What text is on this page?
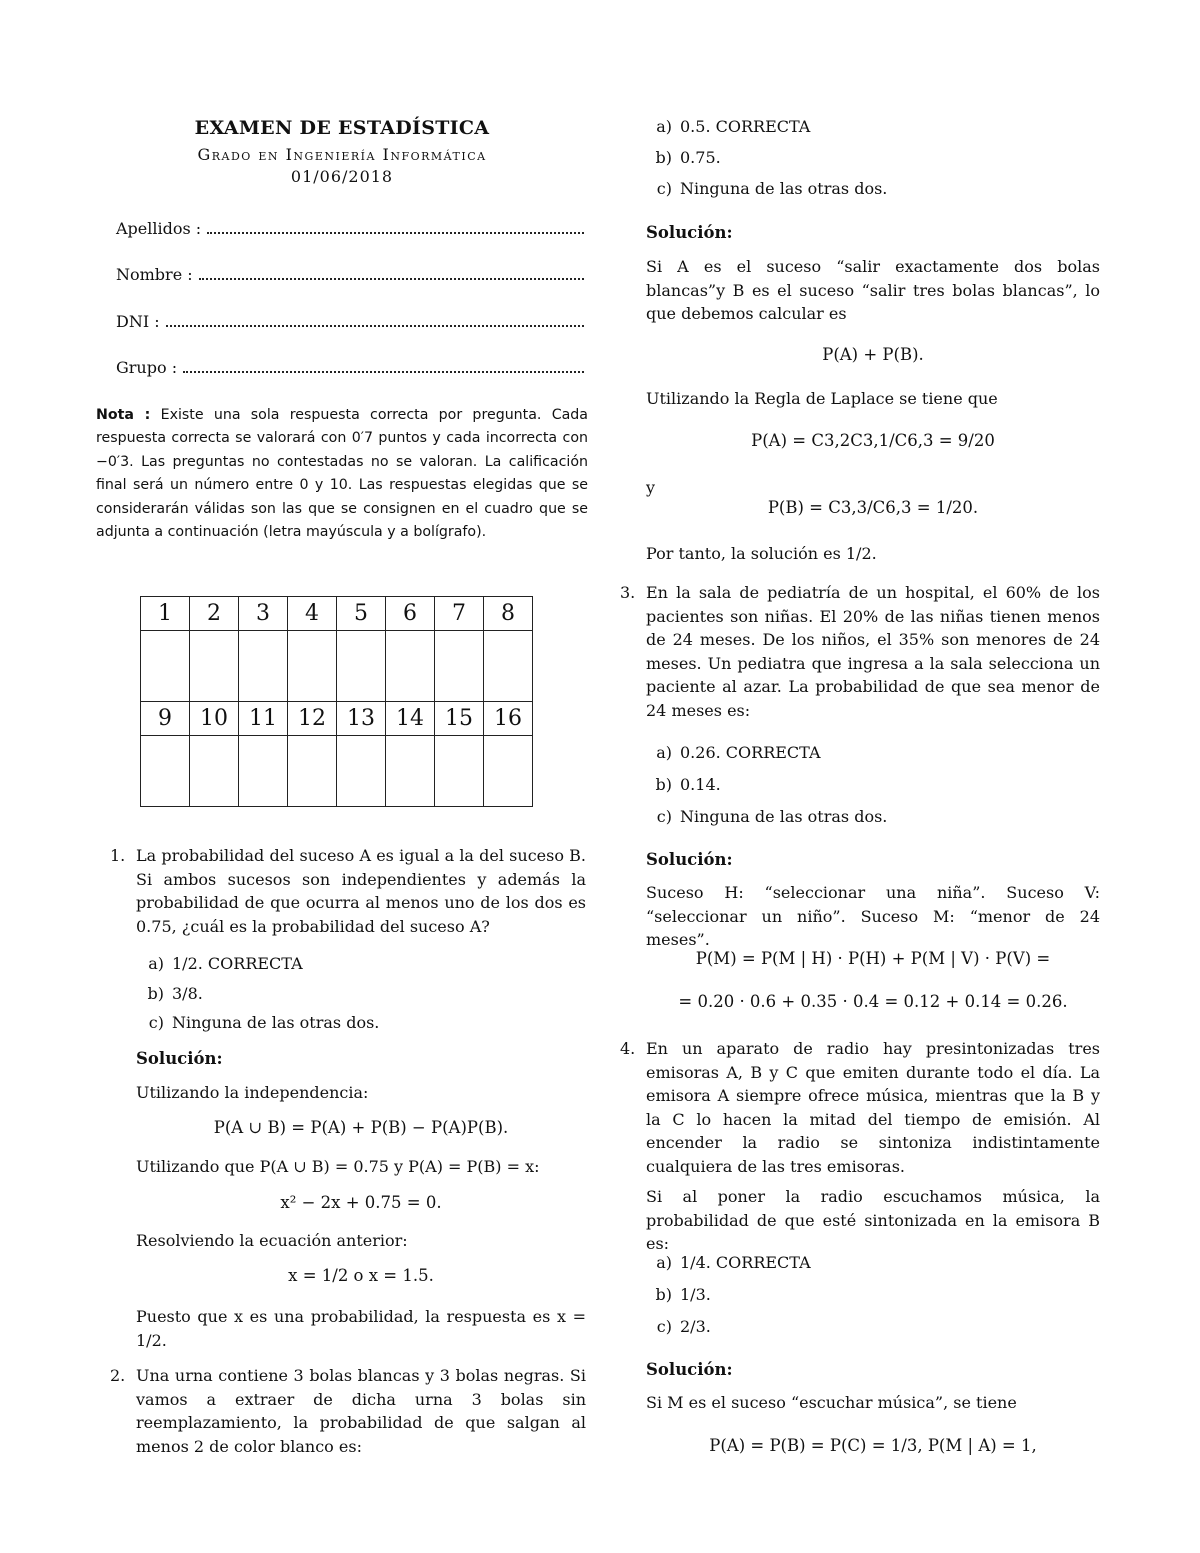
EXAMEN DE ESTADÍSTICA
Grado en Ingeniería Informática
01/06/2018
Apellidos :
Nombre :
DNI :
Grupo :
Nota : Existe una sola respuesta correcta por pregunta. Cada respuesta correcta se valorará con 0′7 puntos y cada incorrecta con −0′3. Las preguntas no contestadas no se valoran. La calificación final será un número entre 0 y 10. Las respuestas elegidas que se considerarán válidas son las que se consignen en el cuadro que se adjunta a continuación (letra mayúscula y a bolígrafo).
1	2	3	4	5	6	7	8

9	10	11	12	13	14	15	16

1. La probabilidad del suceso A es igual a la del suceso B. Si ambos sucesos son independientes y además la probabilidad de que ocurra al menos uno de los dos es 0.75, ¿cuál es la probabilidad del suceso A?
a) 1/2. CORRECTA
b) 3/8.
c) Ninguna de las otras dos.
Solución:
Utilizando la independencia:
P(A ∪ B) = P(A) + P(B) − P(A)P(B).
Utilizando que P(A ∪ B) = 0.75 y P(A) = P(B) = x:
x² − 2x + 0.75 = 0.
Resolviendo la ecuación anterior:
x = 1/2 o x = 1.5.
Puesto que x es una probabilidad, la respuesta es x = 1/2.
2. Una urna contiene 3 bolas blancas y 3 bolas negras. Si vamos a extraer de dicha urna 3 bolas sin reemplazamiento, la probabilidad de que salgan al menos 2 de color blanco es:
a) 0.5. CORRECTA
b) 0.75.
c) Ninguna de las otras dos.
Solución:
Si A es el suceso “salir exactamente dos bolas blancas”y B es el suceso “salir tres bolas blancas”, lo que debemos calcular es
P(A) + P(B).
Utilizando la Regla de Laplace se tiene que
P(A) = C3,2C3,1/C6,3 = 9/20
y
P(B) = C3,3/C6,3 = 1/20.
Por tanto, la solución es 1/2.
3. En la sala de pediatría de un hospital, el 60% de los pacientes son niñas. El 20% de las niñas tienen menos de 24 meses. De los niños, el 35% son menores de 24 meses. Un pediatra que ingresa a la sala selecciona un paciente al azar. La probabilidad de que sea menor de 24 meses es:
a) 0.26. CORRECTA
b) 0.14.
c) Ninguna de las otras dos.
Solución:
Suceso H: “seleccionar una niña”. Suceso V: “seleccionar un niño”. Suceso M: “menor de 24 meses”.
P(M) = P(M | H) · P(H) + P(M | V) · P(V) =
= 0.20 · 0.6 + 0.35 · 0.4 = 0.12 + 0.14 = 0.26.
4. En un aparato de radio hay presintonizadas tres emisoras A, B y C que emiten durante todo el día. La emisora A siempre ofrece música, mientras que la B y la C lo hacen la mitad del tiempo de emisión. Al encender la radio se sintoniza indistintamente cualquiera de las tres emisoras.
Si al poner la radio escuchamos música, la probabilidad de que esté sintonizada en la emisora B es:
a) 1/4. CORRECTA
b) 1/3.
c) 2/3.
Solución:
Si M es el suceso “escuchar música”, se tiene
P(A) = P(B) = P(C) = 1/3, P(M | A) = 1,
